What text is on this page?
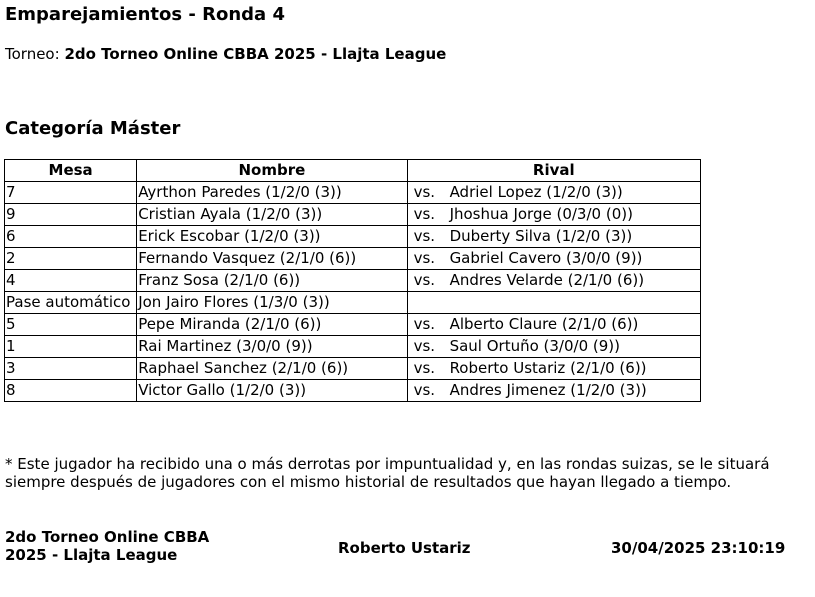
Emparejamientos - Ronda 4
Torneo: 2do Torneo Online CBBA 2025 - Llajta League
Categoría Máster
Mesa	Nombre	Rival
7	Ayrthon Paredes (1/2/0 (3))	vs. Adriel Lopez (1/2/0 (3))
9	Cristian Ayala (1/2/0 (3))	vs. Jhoshua Jorge (0/3/0 (0))
6	Erick Escobar (1/2/0 (3))	vs. Duberty Silva (1/2/0 (3))
2	Fernando Vasquez (2/1/0 (6))	vs. Gabriel Cavero (3/0/0 (9))
4	Franz Sosa (2/1/0 (6))	vs. Andres Velarde (2/1/0 (6))
Pase automático	Jon Jairo Flores (1/3/0 (3))	
5	Pepe Miranda (2/1/0 (6))	vs. Alberto Claure (2/1/0 (6))
1	Rai Martinez (3/0/0 (9))	vs. Saul Ortuño (3/0/0 (9))
3	Raphael Sanchez (2/1/0 (6))	vs. Roberto Ustariz (2/1/0 (6))
8	Victor Gallo (1/2/0 (3))	vs. Andres Jimenez (1/2/0 (3))
* Este jugador ha recibido una o más derrotas por impuntualidad y, en las rondas suizas, se le situará siempre después de jugadores con el mismo historial de resultados que hayan llegado a tiempo.
2do Torneo Online CBBA
2025 - Llajta League	Roberto Ustariz	30/04/2025 23:10:19
